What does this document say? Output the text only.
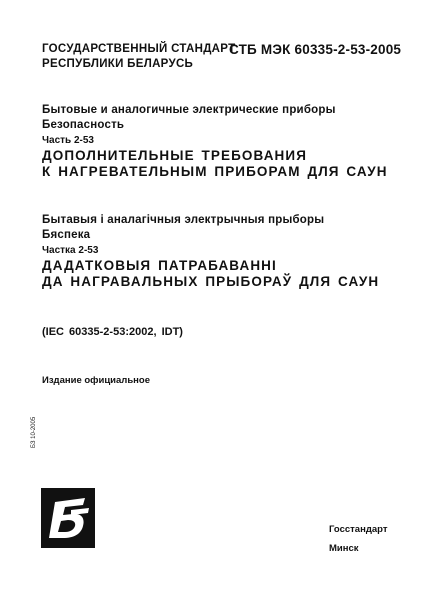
ГОСУДАРСТВЕННЫЙ СТАНДАРТ
РЕСПУБЛИКИ БЕЛАРУСЬ
СТБ МЭК 60335-2-53-2005
Бытовые и аналогичные электрические приборы
Безопасность
Часть 2-53
ДОПОЛНИТЕЛЬНЫЕ ТРЕБОВАНИЯ
К НАГРЕВАТЕЛЬНЫМ ПРИБОРАМ ДЛЯ САУН
Бытавыя і аналагічныя электрычныя прыборы
Бяспека
Частка 2-53
ДАДАТКОВЫЯ ПАТРАБАВАННІ
ДА НАГРАВАЛЬНЫХ ПРЫБОРАЎ ДЛЯ САУН
(IEC 60335-2-53:2002, IDT)
Издание официальное
БЗ 10-2005
Госстандарт
Минск
